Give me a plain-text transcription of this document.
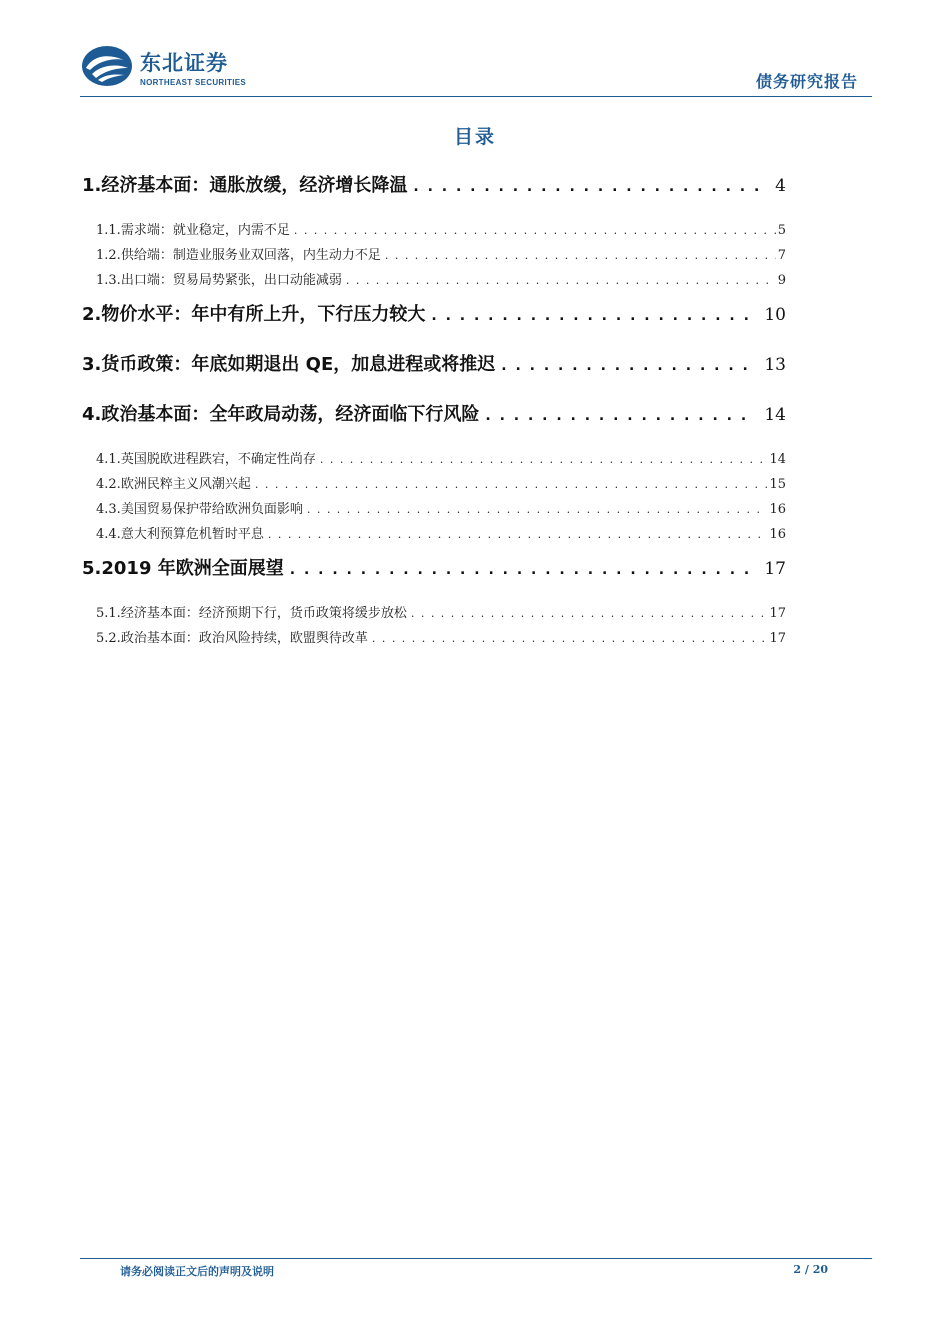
东北证券
NORTHEAST SECURITIES	债务研究报告
目录
1. 经济基本面：通胀放缓，经济增长降温 . . .	4
1.1. 需求端：就业稳定，内需不足 . . .	5
1.2. 供给端：制造业服务业双回落，内生动力不足 . . .	7
1.3. 出口端：贸易局势紧张，出口动能减弱 . . .	9
2. 物价水平：年中有所上升，下行压力较大 . . .	10
3. 货币政策：年底如期退出 QE，加息进程或将推迟 . . .	13
4. 政治基本面：全年政局动荡，经济面临下行风险 . . .	14
4.1. 英国脱欧进程跌宕，不确定性尚存 . . .	14
4.2. 欧洲民粹主义风潮兴起 . . .	15
4.3. 美国贸易保护带给欧洲负面影响 . . .	16
4.4. 意大利预算危机暂时平息 . . .	16
5. 2019 年欧洲全面展望 . . .	17
5.1. 经济基本面：经济预期下行，货币政策将缓步放松 . . .	17
5.2. 政治基本面：政治风险持续，欧盟舆待改革 . . .	17
请务必阅读正文后的声明及说明	2 / 20
